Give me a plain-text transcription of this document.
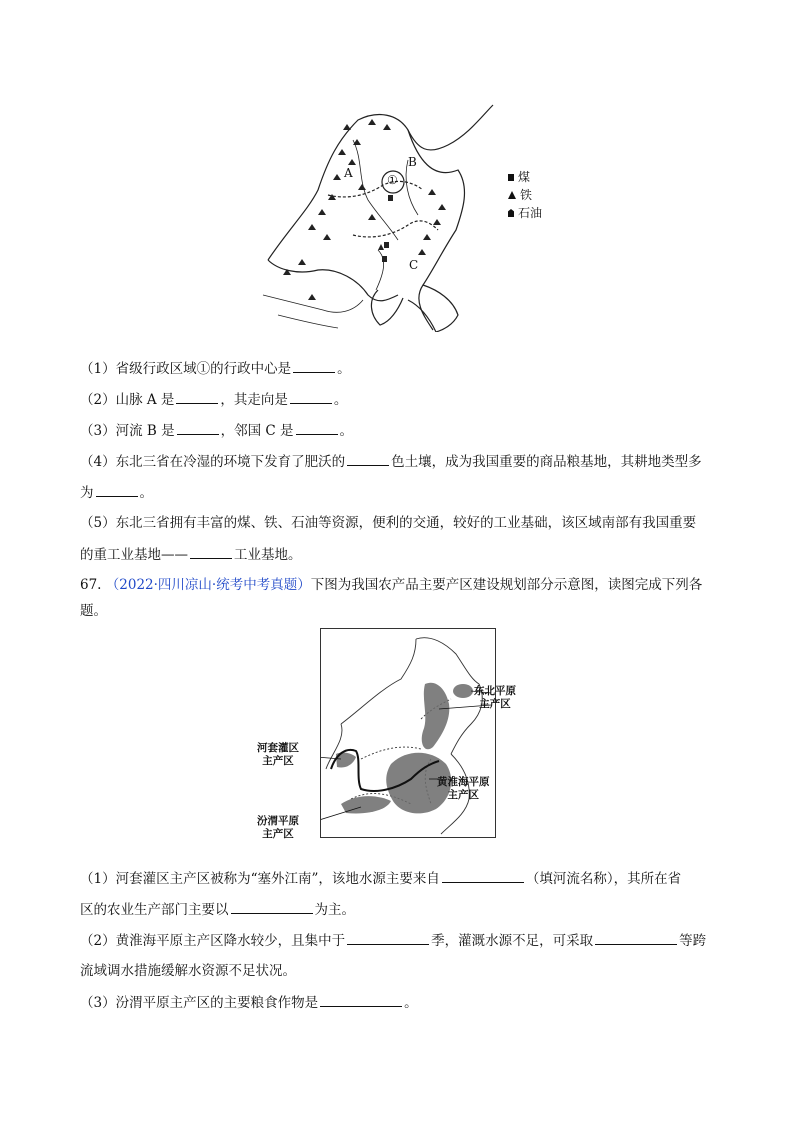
A
B
C
①	煤
铁
石油
（1）省级行政区域①的行政中心是	。
（2）山脉 A 是	，其走向是	。
（3）河流 B 是	，邻国 C 是	。
（4）东北三省在冷湿的环境下发育了肥沃的	色土壤，成为我国重要的商品粮基地，其耕地类型多
为	。
（5）东北三省拥有丰富的煤、铁、石油等资源，便利的交通，较好的工业基础，该区域南部有我国重要
的重工业基地——	工业基地。
67. （2022·四川凉山·统考中考真题）下图为我国农产品主要产区建设规划部分示意图，读图完成下列各
题。
东北平原
主产区
河套灌区
主产区
黄淮海平原
主产区
汾渭平原
主产区
（1）河套灌区主产区被称为“塞外江南”，该地水源主要来自	（填河流名称），其所在省
区的农业生产部门主要以	为主。
（2）黄淮海平原主产区降水较少，且集中于	季，灌溉水源不足，可采取	等跨
流域调水措施缓解水资源不足状况。
（3）汾渭平原主产区的主要粮食作物是	。
